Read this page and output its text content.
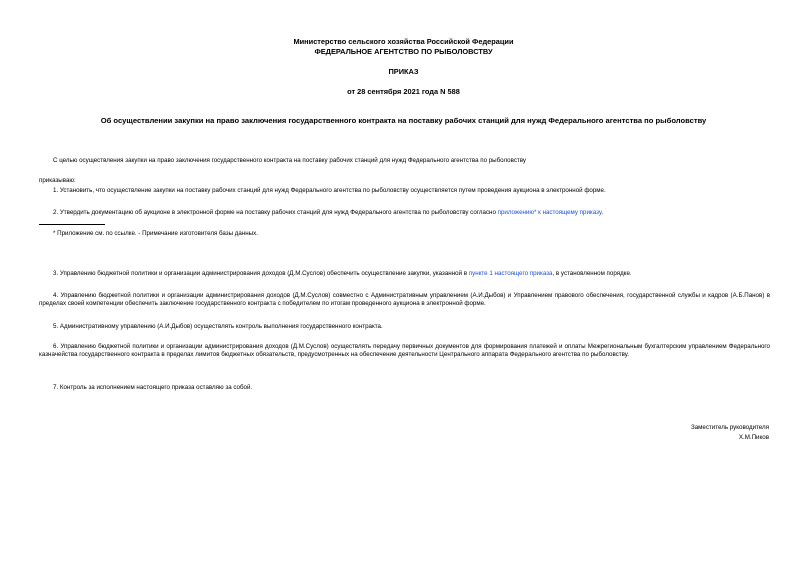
Министерство сельского хозяйства Российской Федерации
ФЕДЕРАЛЬНОЕ АГЕНТСТВО ПО РЫБОЛОВСТВУ
ПРИКАЗ
от 28 сентября 2021 года N 588
Об осуществлении закупки на право заключения государственного контракта на поставку рабочих станций для нужд Федерального агентства по рыболовству
С целью осуществления закупки на право заключения государственного контракта на поставку рабочих станций для нужд Федерального агентства по рыболовству
приказываю:
1. Установить, что осуществление закупки на поставку рабочих станций для нужд Федерального агентства по рыболовству осуществляется путем проведения аукциона в электронной форме.
2. Утвердить документацию об аукционе в электронной форме на поставку рабочих станций для нужд Федерального агентства по рыболовству согласно приложению* к настоящему приказу.
* Приложение см. по ссылке. - Примечание изготовителя базы данных.
3. Управлению бюджетной политики и организации администрирования доходов (Д.М.Суслов) обеспечить осуществление закупки, указанной в пункте 1 настоящего приказа, в установленном порядке.
4. Управлению бюджетной политики и организации администрирования доходов (Д.М.Суслов) совместно с Административным управлением (А.И.Дыбов) и Управлением правового обеспечения, государственной службы и кадров (А.Б.Панов) в пределах своей компетенции обеспечить заключение государственного контракта с победителем по итогам проведенного аукциона в электронной форме.
5. Административному управлению (А.И.Дыбов) осуществлять контроль выполнения государственного контракта.
6. Управлению бюджетной политики и организации администрирования доходов (Д.М.Суслов) осуществлять передачу первичных документов для формирования платежей и оплаты Межрегиональным бухгалтерским управлением Федерального казначейства государственного контракта в пределах лимитов бюджетных обязательств, предусмотренных на обеспечение деятельности Центрального аппарата Федерального агентства по рыболовству.
7. Контроль за исполнением настоящего приказа оставляю за собой.
Заместитель руководителя
Х.М.Пиков
